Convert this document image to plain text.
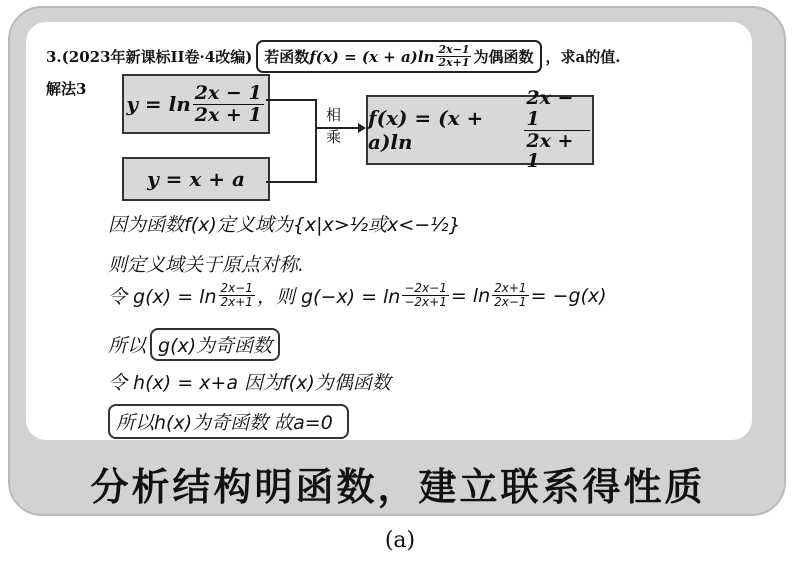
3.(2023年新课标II卷·4改编) 若函数 $f(x) = (x + a)\ln \frac{2x-1}{2x+1}$ 为偶函数 ，求a的值.
解法3
$y = \ln \frac{2x - 1}{2x + 1}$
y = x + a
相
乘
f(x) = (x + a)ln	$\frac{2x - 1}{2x + 1}$
因为函数f(x)定义域为{x|x>½或x<−½}
则定义域关于原点对称.
令 $g(x) = \ln \frac{2x-1}{2x+1}$ ，则 $g(-x) = \ln \frac{-2x-1}{-2x+1} = \ln \frac{2x+1}{2x-1} = -g(x)$
所以 g(x)为奇函数
令 h(x) = x+a 因为f(x)为偶函数
所以h(x)为奇函数 故a=0
分析结构明函数，建立联系得性质
(a)
